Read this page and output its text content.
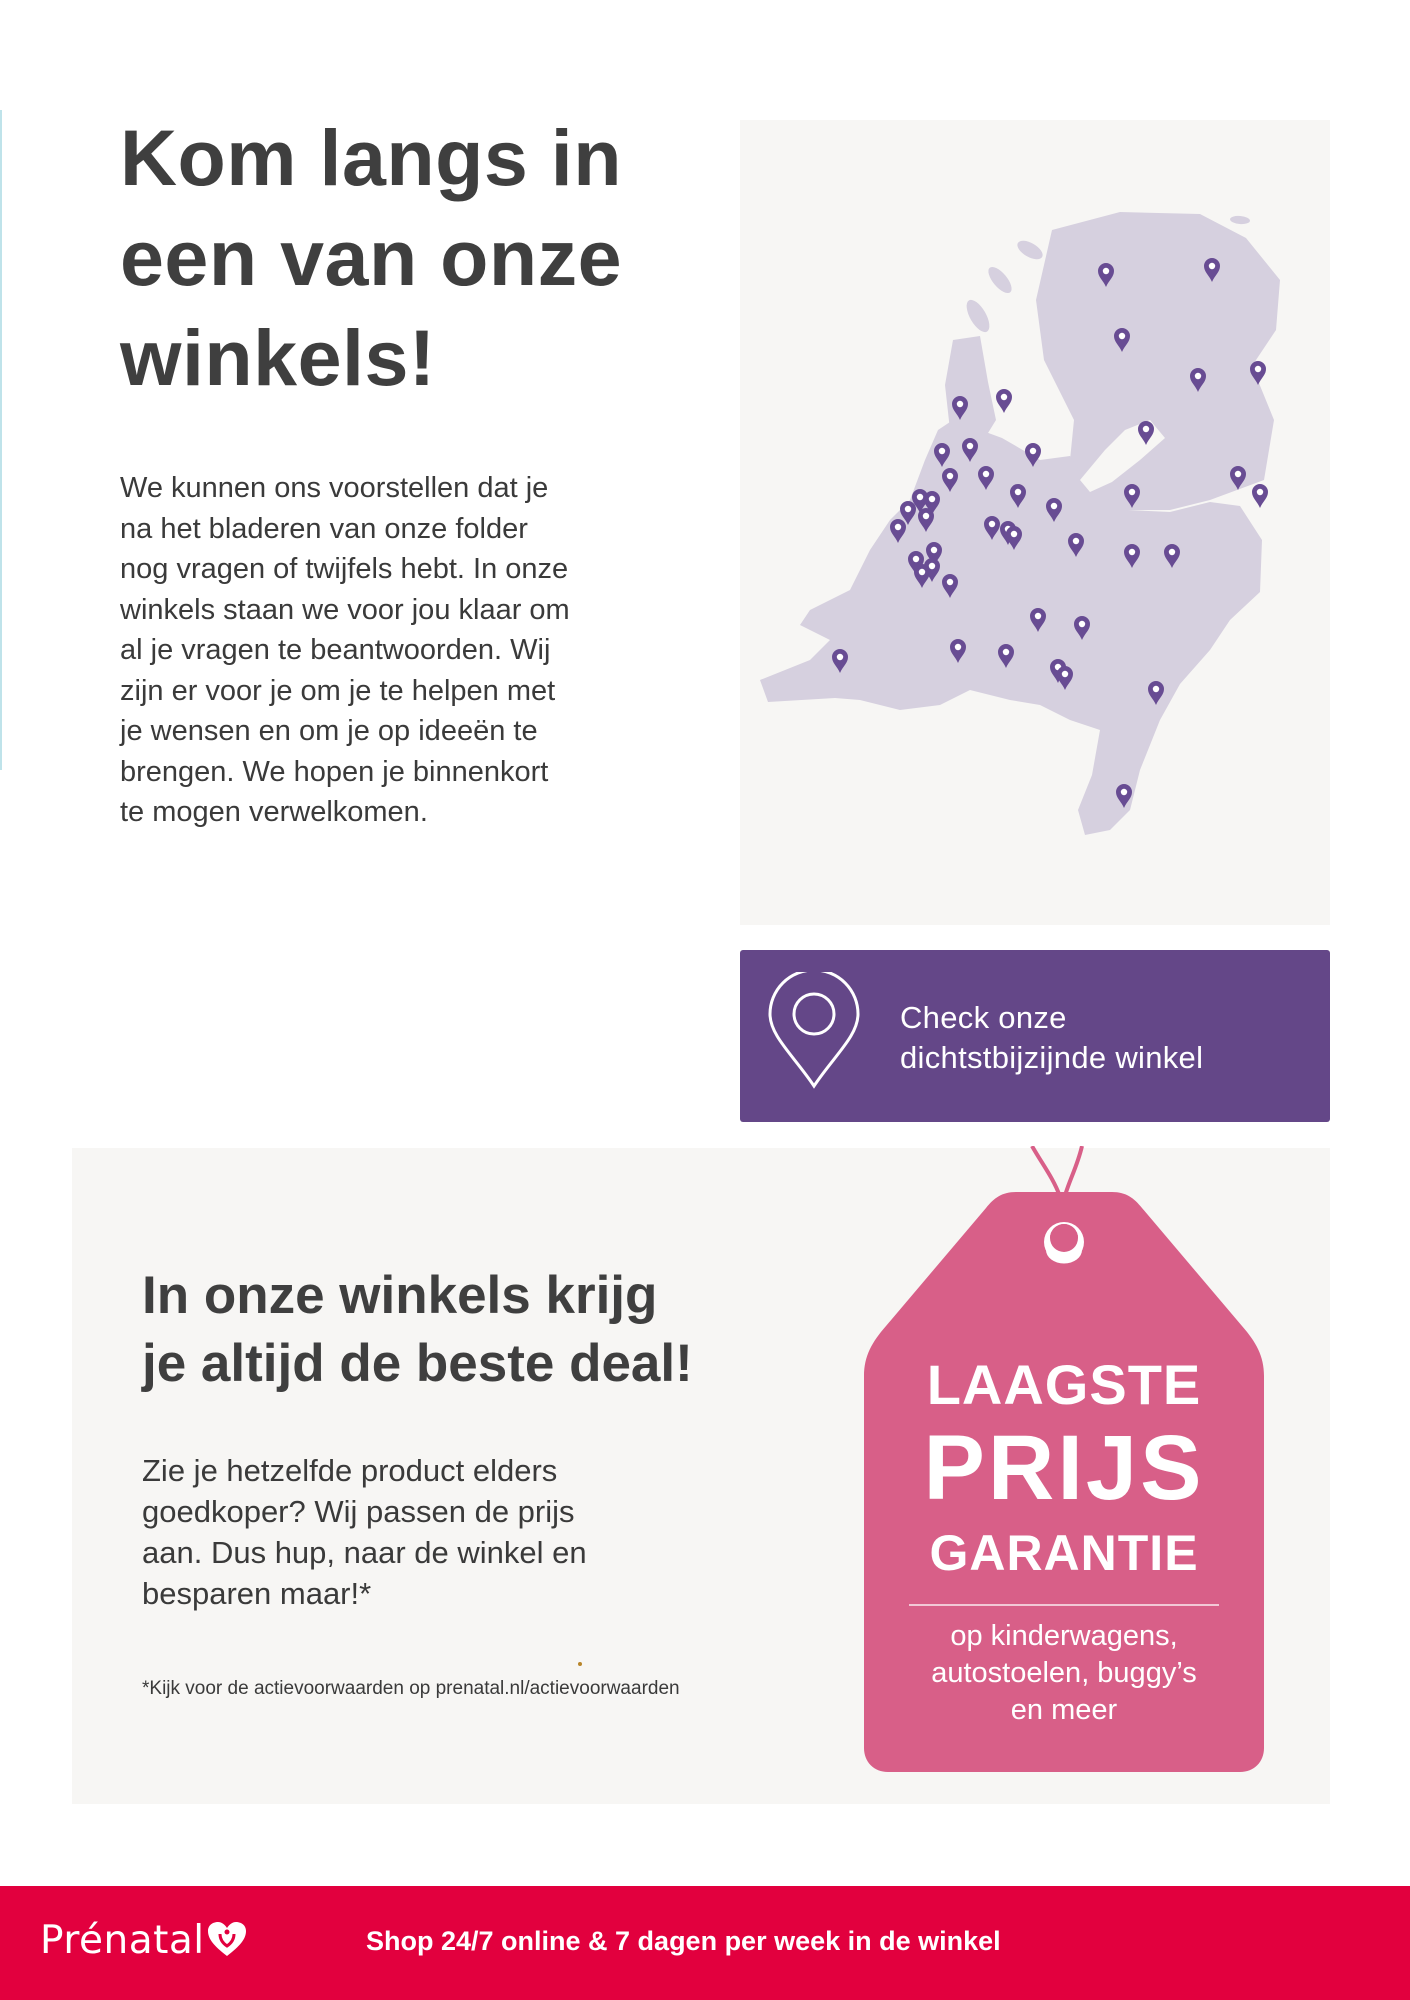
Kom langs in
een van onze
winkels!

We kunnen ons voorstellen dat je
na het bladeren van onze folder
nog vragen of twijfels hebt. In onze
winkels staan we voor jou klaar om
al je vragen te beantwoorden. Wij
zijn er voor je om je te helpen met
je wensen en om je op ideeën te
brengen. We hopen je binnenkort
te mogen verwelkomen.

Check onze
dichtstbijzijnde winkel
In onze winkels krijg
je altijd de beste deal!

Zie je hetzelfde product elders
goedkoper? Wij passen de prijs
aan. Dus hup, naar de winkel en
besparen maar!*

*Kijk voor de actievoorwaarden op prenatal.nl/actievoorwaarden

LAAGSTE
PRIJS
GARANTIE
op kinderwagens,
autostoelen, buggy’s
en meer
Prénatal	Shop 24/7 online & 7 dagen per week in de winkel
